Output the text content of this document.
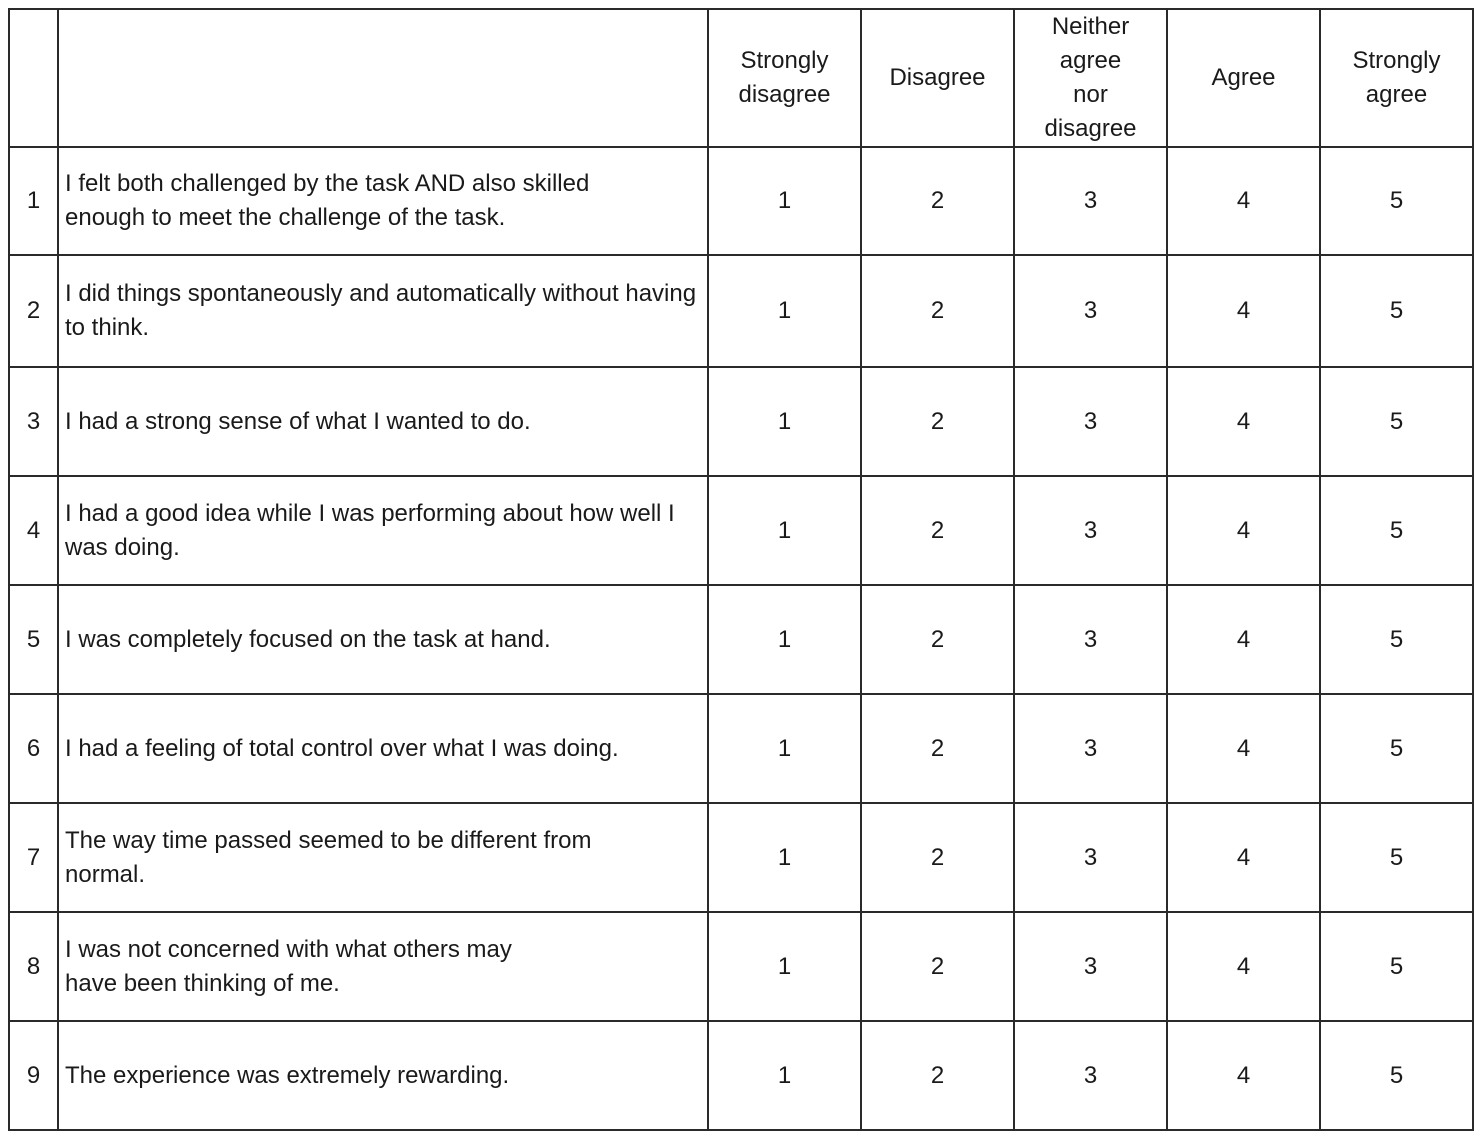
		Strongly disagree	Disagree	Neither agree nor disagree	Agree	Strongly agree
1	I felt both challenged by the task AND also skilled enough to meet the challenge of the task.	1	2	3	4	5
2	I did things spontaneously and automatically without having to think.	1	2	3	4	5
3	I had a strong sense of what I wanted to do.	1	2	3	4	5
4	I had a good idea while I was performing about how well I was doing.	1	2	3	4	5
5	I was completely focused on the task at hand.	1	2	3	4	5
6	I had a feeling of total control over what I was doing.	1	2	3	4	5
7	The way time passed seemed to be different from normal.	1	2	3	4	5
8	I was not concerned with what others may have been thinking of me.	1	2	3	4	5
9	The experience was extremely rewarding.	1	2	3	4	5
